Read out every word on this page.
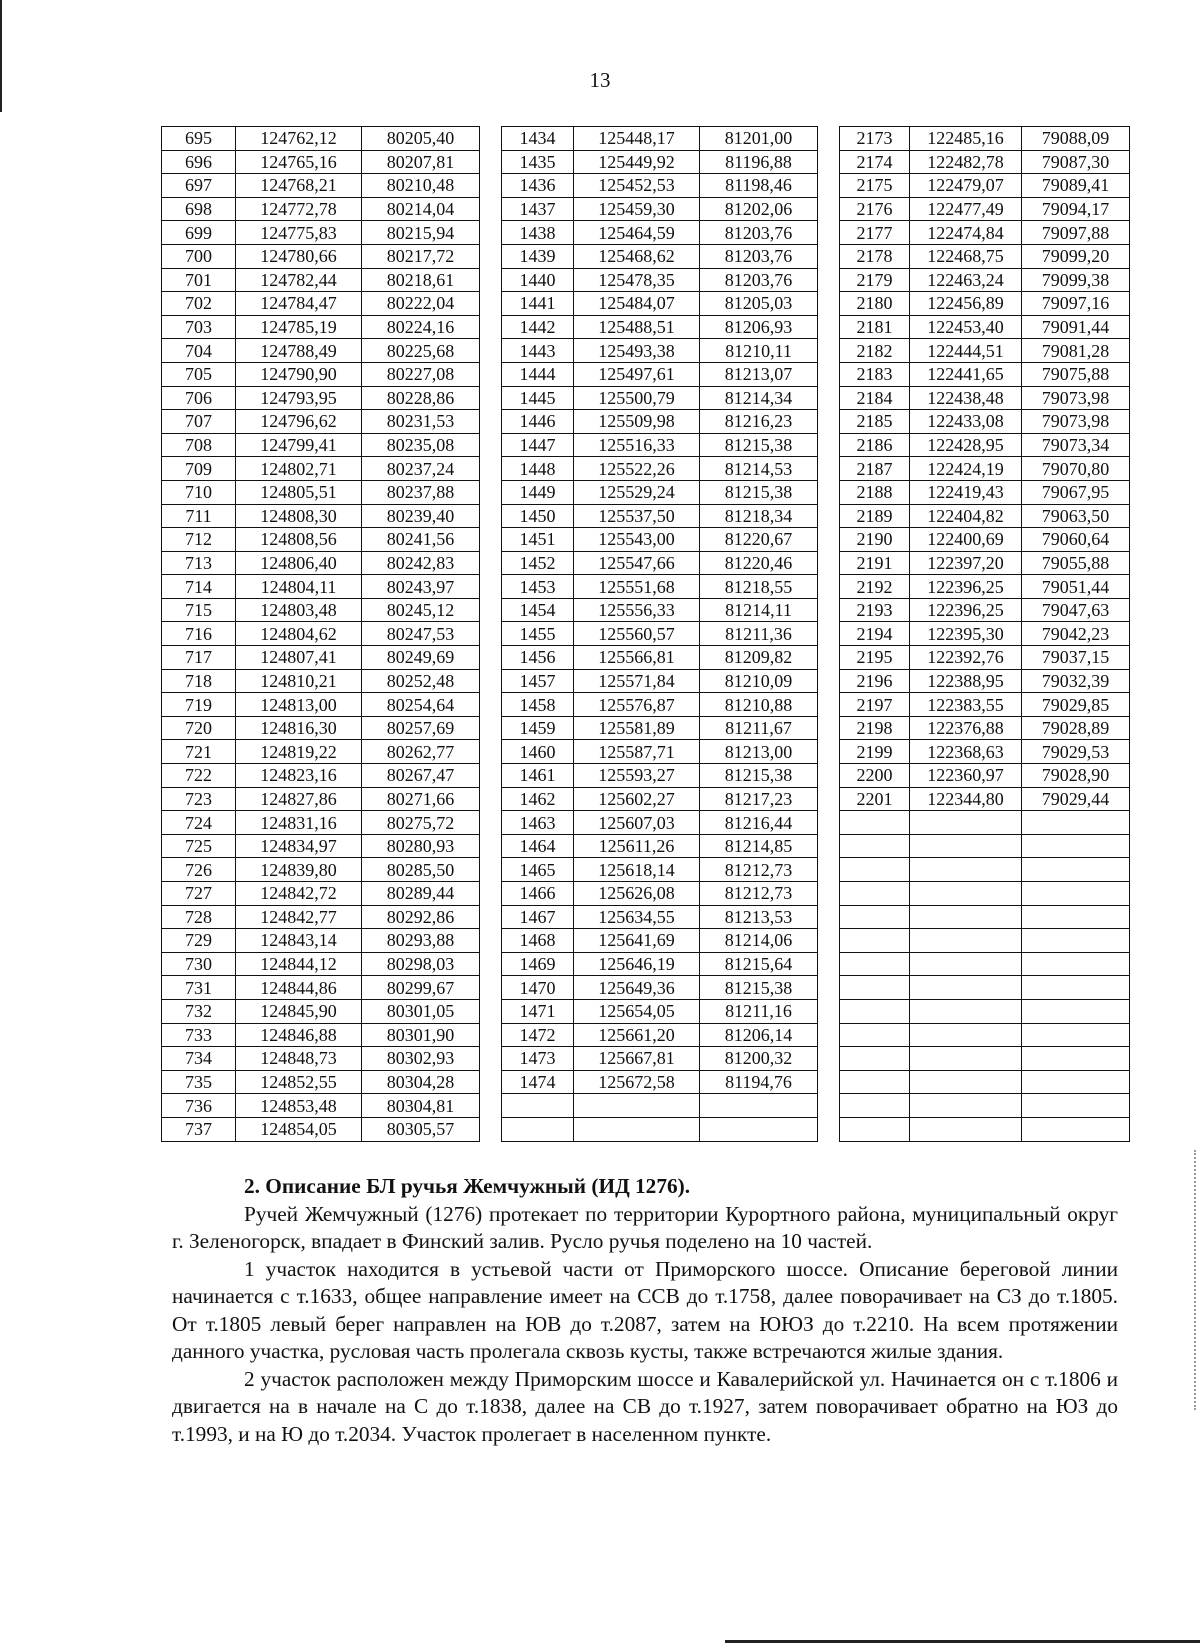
13
695	124762,12	80205,40		1434	125448,17	81201,00		2173	122485,16	79088,09
696	124765,16	80207,81		1435	125449,92	81196,88		2174	122482,78	79087,30
697	124768,21	80210,48		1436	125452,53	81198,46		2175	122479,07	79089,41
698	124772,78	80214,04		1437	125459,30	81202,06		2176	122477,49	79094,17
699	124775,83	80215,94		1438	125464,59	81203,76		2177	122474,84	79097,88
700	124780,66	80217,72		1439	125468,62	81203,76		2178	122468,75	79099,20
701	124782,44	80218,61		1440	125478,35	81203,76		2179	122463,24	79099,38
702	124784,47	80222,04		1441	125484,07	81205,03		2180	122456,89	79097,16
703	124785,19	80224,16		1442	125488,51	81206,93		2181	122453,40	79091,44
704	124788,49	80225,68		1443	125493,38	81210,11		2182	122444,51	79081,28
705	124790,90	80227,08		1444	125497,61	81213,07		2183	122441,65	79075,88
706	124793,95	80228,86		1445	125500,79	81214,34		2184	122438,48	79073,98
707	124796,62	80231,53		1446	125509,98	81216,23		2185	122433,08	79073,98
708	124799,41	80235,08		1447	125516,33	81215,38		2186	122428,95	79073,34
709	124802,71	80237,24		1448	125522,26	81214,53		2187	122424,19	79070,80
710	124805,51	80237,88		1449	125529,24	81215,38		2188	122419,43	79067,95
711	124808,30	80239,40		1450	125537,50	81218,34		2189	122404,82	79063,50
712	124808,56	80241,56		1451	125543,00	81220,67		2190	122400,69	79060,64
713	124806,40	80242,83		1452	125547,66	81220,46		2191	122397,20	79055,88
714	124804,11	80243,97		1453	125551,68	81218,55		2192	122396,25	79051,44
715	124803,48	80245,12		1454	125556,33	81214,11		2193	122396,25	79047,63
716	124804,62	80247,53		1455	125560,57	81211,36		2194	122395,30	79042,23
717	124807,41	80249,69		1456	125566,81	81209,82		2195	122392,76	79037,15
718	124810,21	80252,48		1457	125571,84	81210,09		2196	122388,95	79032,39
719	124813,00	80254,64		1458	125576,87	81210,88		2197	122383,55	79029,85
720	124816,30	80257,69		1459	125581,89	81211,67		2198	122376,88	79028,89
721	124819,22	80262,77		1460	125587,71	81213,00		2199	122368,63	79029,53
722	124823,16	80267,47		1461	125593,27	81215,38		2200	122360,97	79028,90
723	124827,86	80271,66		1462	125602,27	81217,23		2201	122344,80	79029,44
724	124831,16	80275,72		1463	125607,03	81216,44				
725	124834,97	80280,93		1464	125611,26	81214,85				
726	124839,80	80285,50		1465	125618,14	81212,73				
727	124842,72	80289,44		1466	125626,08	81212,73				
728	124842,77	80292,86		1467	125634,55	81213,53				
729	124843,14	80293,88		1468	125641,69	81214,06				
730	124844,12	80298,03		1469	125646,19	81215,64				
731	124844,86	80299,67		1470	125649,36	81215,38				
732	124845,90	80301,05		1471	125654,05	81211,16				
733	124846,88	80301,90		1472	125661,20	81206,14				
734	124848,73	80302,93		1473	125667,81	81200,32				
735	124852,55	80304,28		1474	125672,58	81194,76				
736	124853,48	80304,81								
737	124854,05	80305,57								
2. Описание БЛ ручья Жемчужный (ИД 1276).

Ручей Жемчужный (1276) протекает по территории Курортного района, муниципальный округ г. Зеленогорск, впадает в Финский залив. Русло ручья поделено на 10 частей.

1 участок находится в устьевой части от Приморского шоссе. Описание береговой линии начинается с т.1633, общее направление имеет на ССВ до т.1758, далее поворачивает на СЗ до т.1805. От т.1805 левый берег направлен на ЮВ до т.2087, затем на ЮЮЗ до т.2210. На всем протяжении данного участка, русловая часть пролегала сквозь кусты, также встречаются жилые здания.

2 участок расположен между Приморским шоссе и Кавалерийской ул. Начинается он с т.1806 и двигается на в начале на С до т.1838, далее на СВ до т.1927, затем поворачивает обратно на ЮЗ до т.1993, и на Ю до т.2034. Участок пролегает в населенном пункте.
